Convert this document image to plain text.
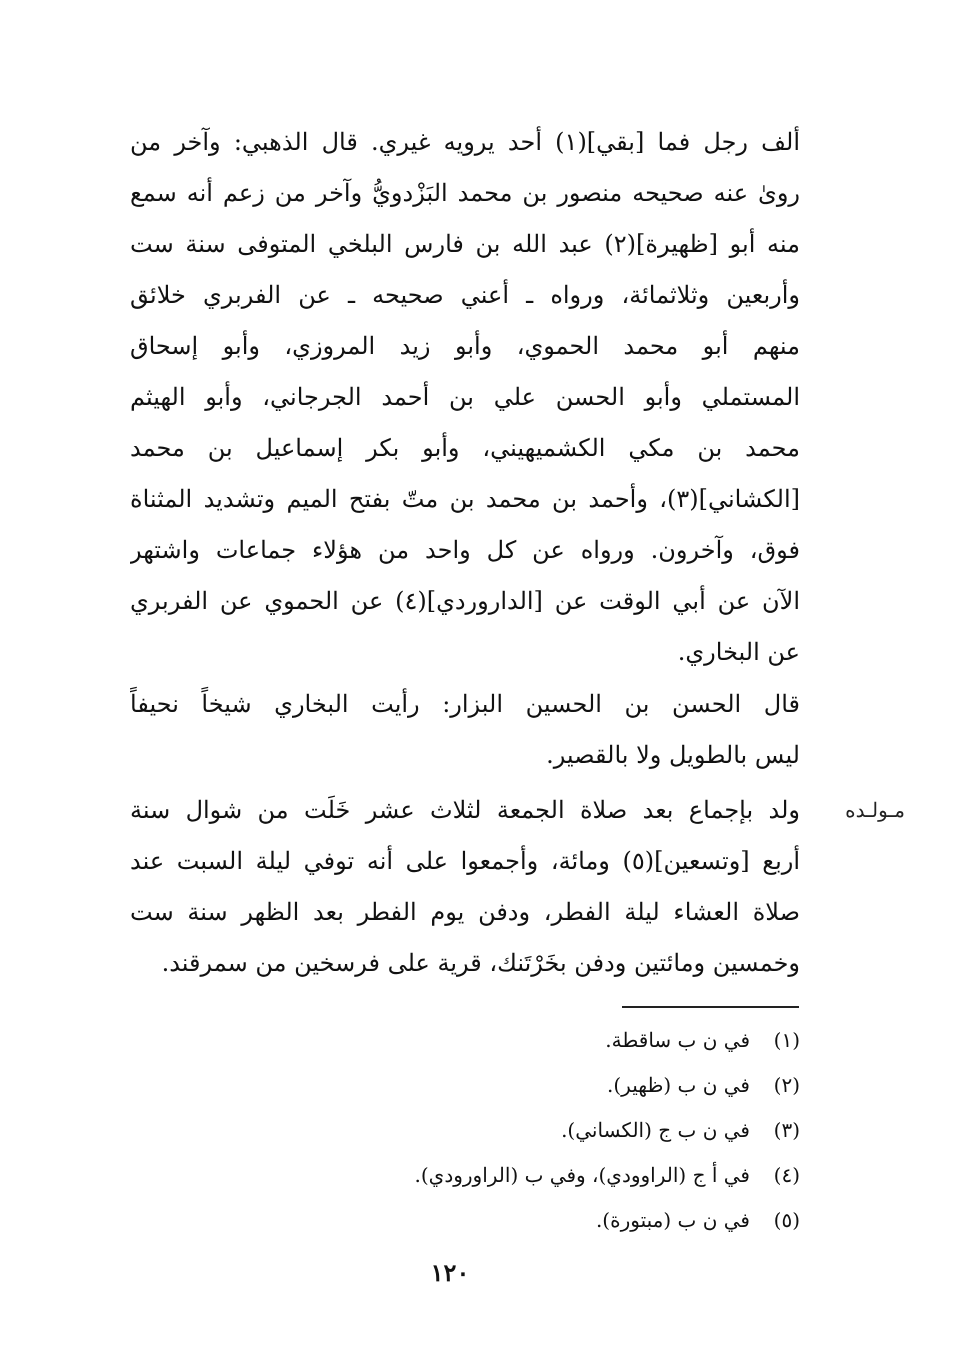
ألف رجل فما [بقي](١) أحد يرويه غيري. قال الذهبي: وآخر من
روىٰ عنه صحيحه منصور بن محمد البَزْدويُّ وآخر من زعم أنه سمع
منه أبو [ظهيرة](٢) عبد الله بن فارس البلخي المتوفى سنة ست
وأربعين وثلاثمائة، ورواه ـ أعني صحيحه ـ عن الفربري خلائق
منهم أبو محمد الحموي، وأبو زيد المروزي، وأبو إسحاق
المستملي وأبو الحسن علي بن أحمد الجرجاني، وأبو الهيثم
محمد بن مكي الكشميهيني، وأبو بكر إسماعيل بن محمد
[الكشاني](٣)، وأحمد بن محمد بن متّ بفتح الميم وتشديد المثناة
فوق، وآخرون. ورواه عن كل واحد من هؤلاء جماعات واشتهر
الآن عن أبي الوقت عن [الداروردي](٤) عن الحموي عن الفربري
عن البخاري.
قال الحسن بن الحسين البزار: رأيت البخاري شيخاً نحيفاً
ليس بالطويل ولا بالقصير.
مـولـده
ولد بإجماع بعد صلاة الجمعة لثلاث عشر خَلَت من شوال سنة
أربع [وتسعين](٥) ومائة، وأجمعوا على أنه توفي ليلة السبت عند
صلاة العشاء ليلة الفطر، ودفن يوم الفطر بعد الظهر سنة ست
وخمسين ومائتين ودفن بخَرْتَنك، قرية على فرسخين من سمرقند.
(١)في ن ب ساقطة.
(٢)في ن ب (ظهير).
(٣)في ن ب ج (الكساني).
(٤)في أ ج (الراوودي)، وفي ب (الراورودي).
(٥)في ن ب (مبتورة).
١٢٠
